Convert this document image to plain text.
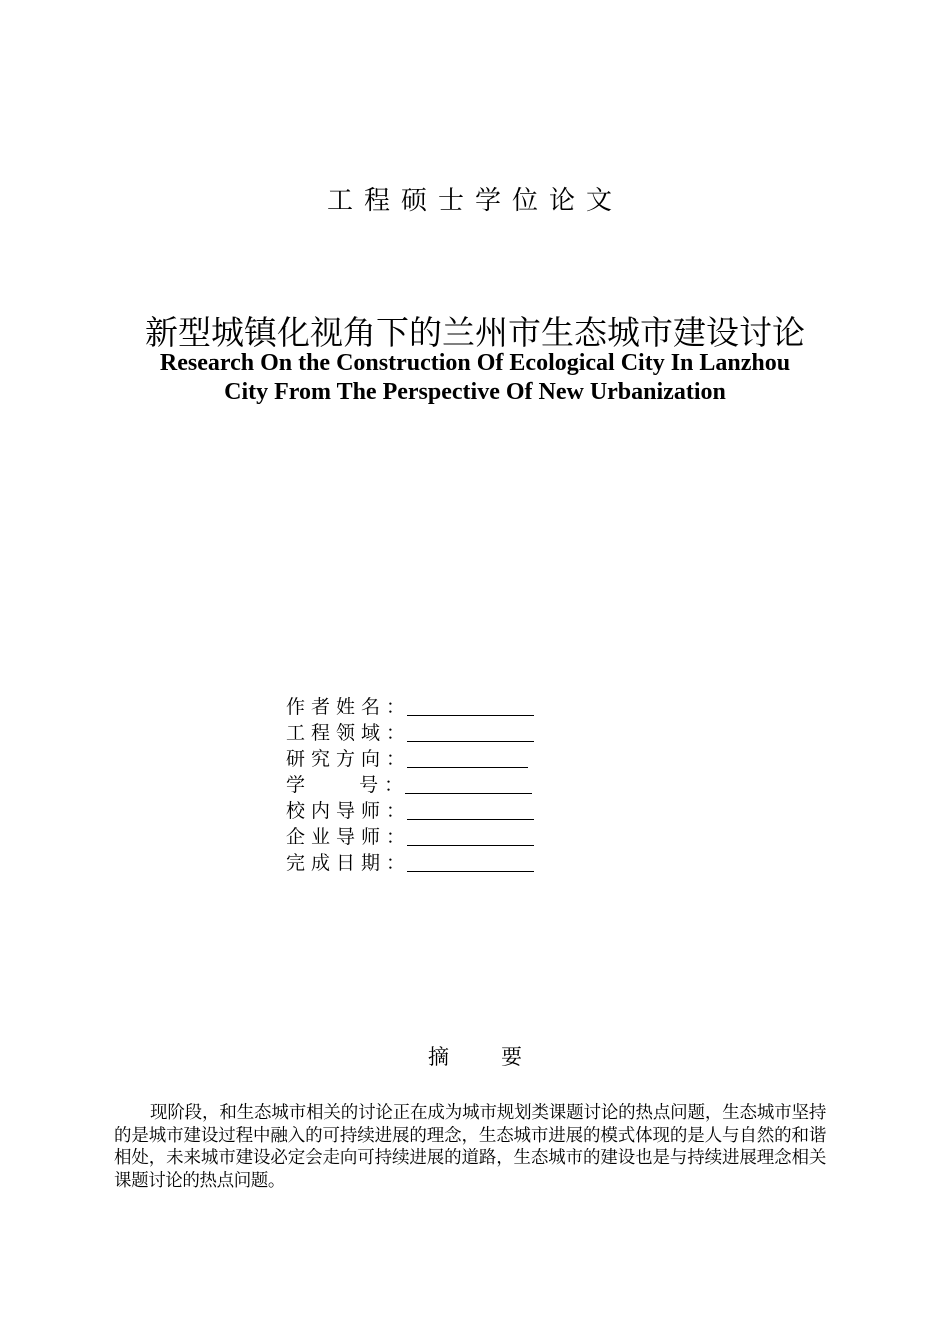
工程硕士学位论文
新型城镇化视角下的兰州市生态城市建设讨论
Research On the Construction Of Ecological City In Lanzhou
City From The Perspective Of New Urbanization
作者姓名 ：
工程领域 ：
研究方向 ：
学    号 ：
校内导师 ：
企业导师 ：
完成日期 ：
摘 要
现阶段，和生态城市相关的讨论正在成为城市规划类课题讨论的热点问题，生态城市坚持的是城市建设过程中融入的可持续进展的理念，生态城市进展的模式体现的是人与自然的和谐相处，未来城市建设必定会走向可持续进展的道路，生态城市的建设也是与持续进展理念相关课题讨论的热点问题。
